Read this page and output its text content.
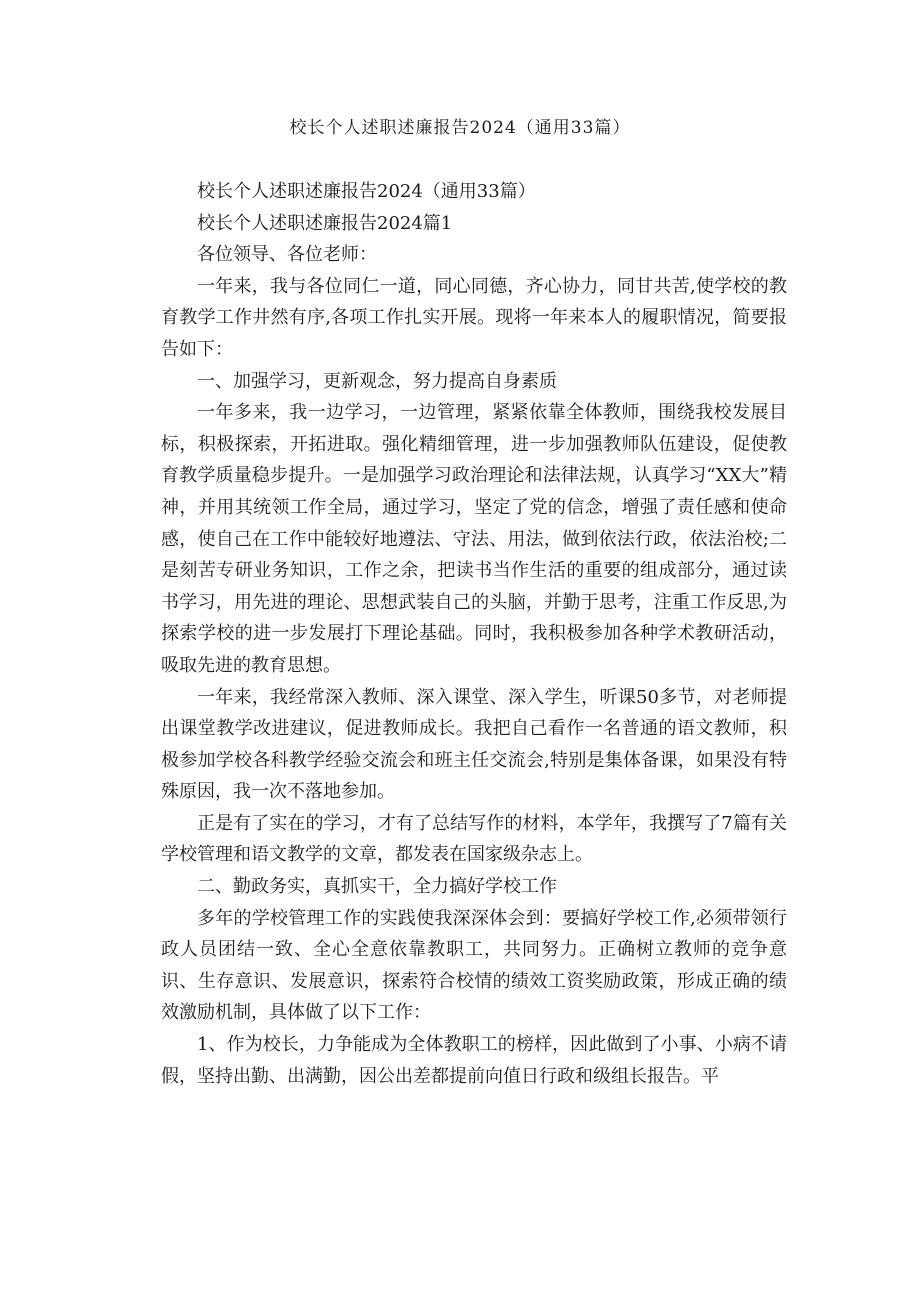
校长个人述职述廉报告2024（通用33篇）

校长个人述职述廉报告2024（通用33篇）

校长个人述职述廉报告2024篇1

各位领导、各位老师：

一年来，我与各位同仁一道，同心同德，齐心协力，同甘共苦,使学校的教育教学工作井然有序,各项工作扎实开展。现将一年来本人的履职情况，简要报告如下：

一、加强学习，更新观念，努力提高自身素质

一年多来，我一边学习，一边管理，紧紧依靠全体教师，围绕我校发展目标，积极探索，开拓进取。强化精细管理，进一步加强教师队伍建设，促使教育教学质量稳步提升。一是加强学习政治理论和法律法规，认真学习“XX大”精神，并用其统领工作全局，通过学习，坚定了党的信念，增强了责任感和使命感，使自己在工作中能较好地遵法、守法、用法，做到依法行政，依法治校;二是刻苦专研业务知识，工作之余，把读书当作生活的重要的组成部分，通过读书学习，用先进的理论、思想武装自己的头脑，并勤于思考，注重工作反思,为探索学校的进一步发展打下理论基础。同时，我积极参加各种学术教研活动，吸取先进的教育思想。

一年来，我经常深入教师、深入课堂、深入学生，听课50多节，对老师提出课堂教学改进建议，促进教师成长。我把自己看作一名普通的语文教师，积极参加学校各科教学经验交流会和班主任交流会,特别是集体备课，如果没有特殊原因，我一次不落地参加。

正是有了实在的学习，才有了总结写作的材料，本学年，我撰写了7篇有关学校管理和语文教学的文章，都发表在国家级杂志上。

二、勤政务实，真抓实干，全力搞好学校工作

多年的学校管理工作的实践使我深深体会到：要搞好学校工作,必须带领行政人员团结一致、全心全意依靠教职工，共同努力。正确树立教师的竞争意识、生存意识、发展意识，探索符合校情的绩效工资奖励政策，形成正确的绩效激励机制，具体做了以下工作：

1、作为校长，力争能成为全体教职工的榜样，因此做到了小事、小病不请假，坚持出勤、出满勤，因公出差都提前向值日行政和级组长报告。平
